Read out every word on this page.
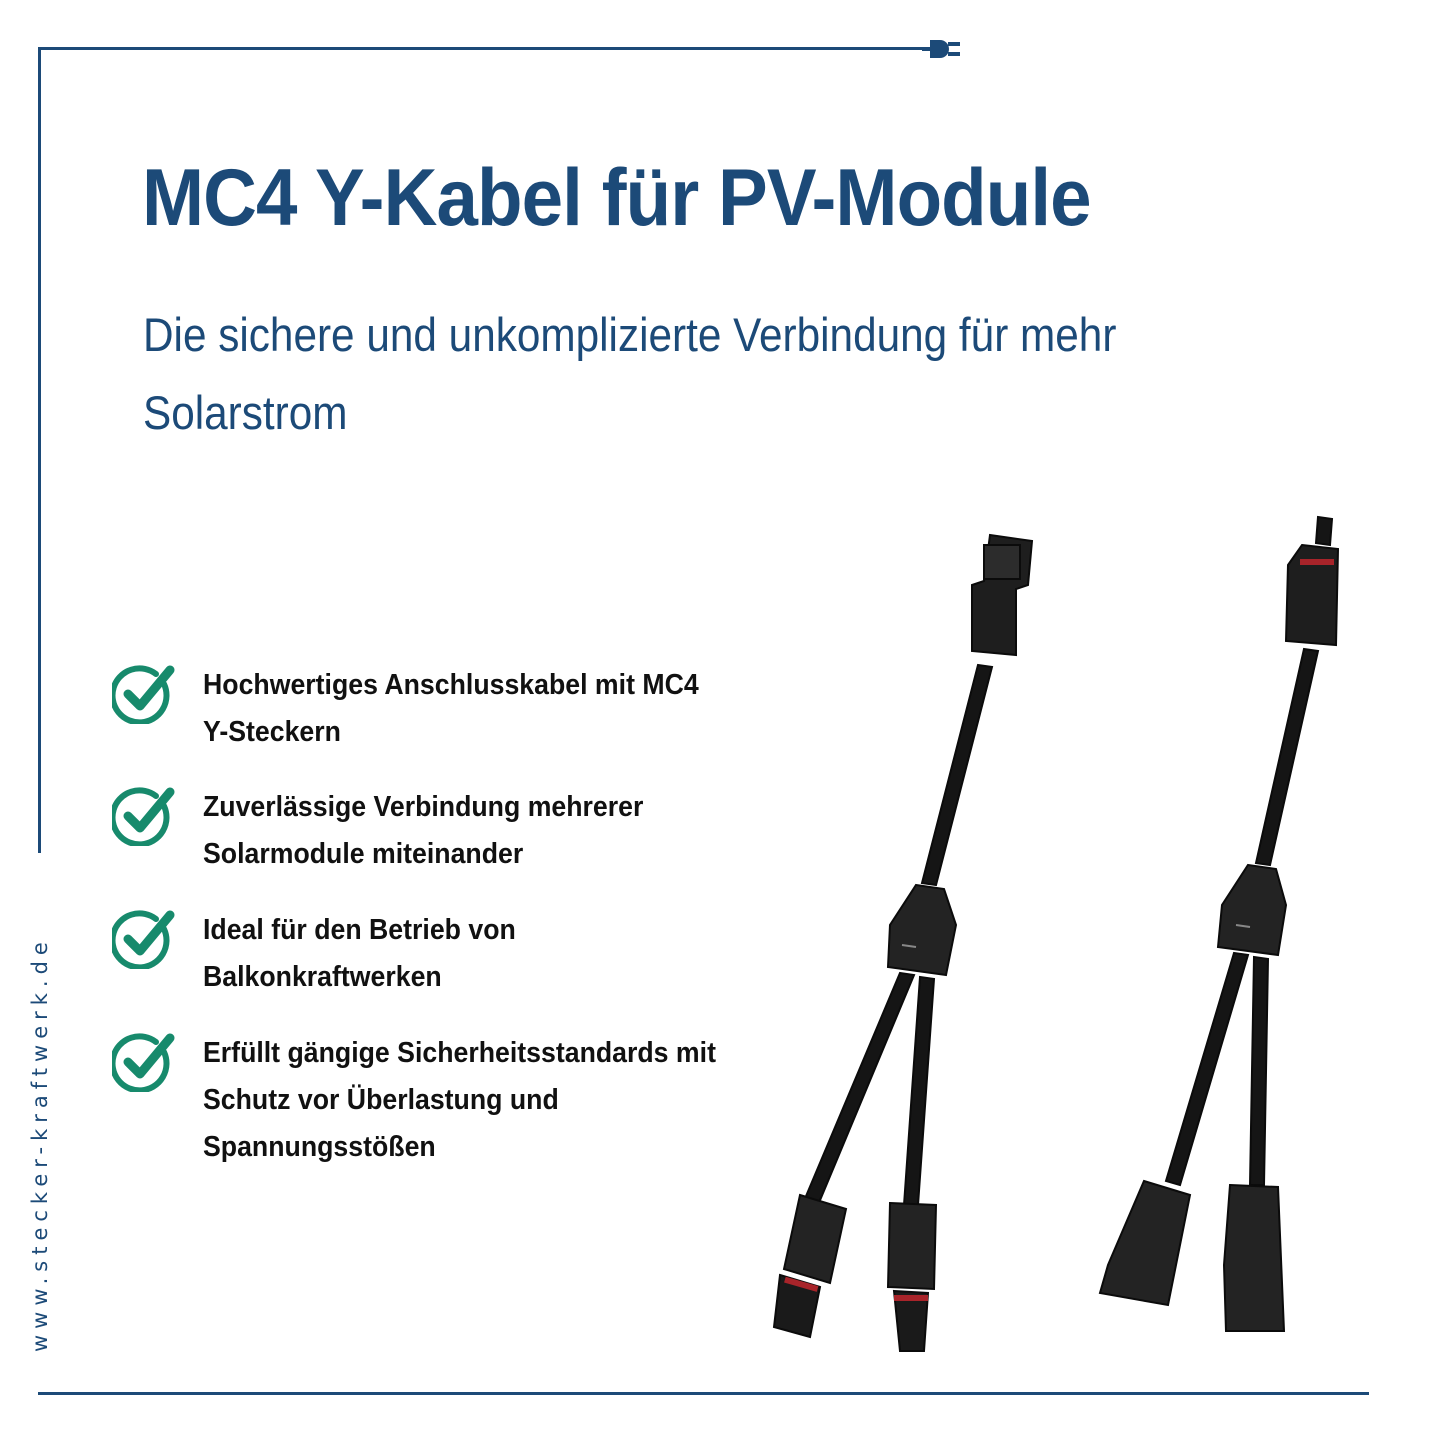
www.stecker-kraftwerk.de
MC4 Y-Kabel für PV-Module

Die sichere und unkomplizierte Verbindung für mehr Solarstrom

Hochwertiges Anschlusskabel mit MC4 Y-Steckern
Zuverlässige Verbindung mehrerer Solarmodule miteinander
Ideal für den Betrieb von Balkonkraftwerken
Erfüllt gängige Sicherheitsstandards mit Schutz vor Überlastung und Spannungsstößen
